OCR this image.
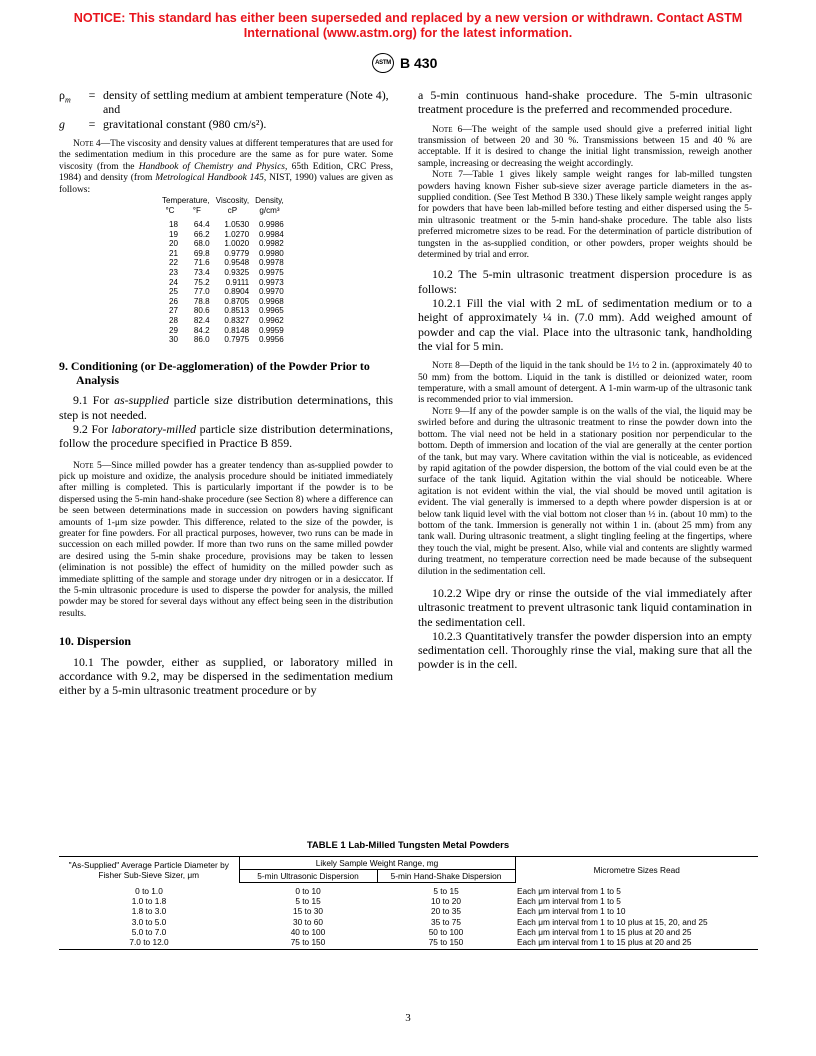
NOTICE: This standard has either been superseded and replaced by a new version or withdrawn. Contact ASTM
International (www.astm.org) for the latest information.
ASTM B 430
$\rho_m$	= density of settling medium at ambient temperature (Note 4), and
g	= gravitational constant (980 cm/s²).

Note 4—The viscosity and density values at different temperatures that are used for the sedimentation medium in this procedure are the same as for pure water. Some viscosity (from the Handbook of Chemistry and Physics, 65th Edition, CRC Press, 1984) and density (from Metrological Handbook 145, NIST, 1990) values are given as follows:

Temperature,		Viscosity,	Density,
°C	°F	cP	g/cm³

18	64.4	1.0530	0.9986
19	66.2	1.0270	0.9984
20	68.0	1.0020	0.9982
21	69.8	0.9779	0.9980
22	71.6	0.9548	0.9978
23	73.4	0.9325	0.9975
24	75.2	0.9111	0.9973
25	77.0	0.8904	0.9970
26	78.8	0.8705	0.9968
27	80.6	0.8513	0.9965
28	82.4	0.8327	0.9962
29	84.2	0.8148	0.9959
30	86.0	0.7975	0.9956
9. Conditioning (or De-agglomeration) of the Powder Prior to Analysis

9.1 For as-supplied particle size distribution determinations, this step is not needed.

9.2 For laboratory-milled particle size distribution determinations, follow the procedure specified in Practice B 859.

Note 5—Since milled powder has a greater tendency than as-supplied powder to pick up moisture and oxidize, the analysis procedure should be initiated immediately after milling is completed. This is particularly important if the powder is to be dispersed using the 5-min hand-shake procedure (see Section 8) where a difference can be seen between determinations made in succession on powders having significant amounts of 1-μm size powder. This difference, related to the size of the powder, is greater for fine powders. For all practical purposes, however, two runs can be made in succession on each milled powder. If more than two runs on the same milled powder are desired using the 5-min shake procedure, provisions may be taken to lessen (elimination is not possible) the effect of humidity on the milled powder such as immediate splitting of the sample and storage under dry nitrogen or in a desiccator. If the 5-min ultrasonic procedure is used to disperse the powder for analysis, the milled powder may be stored for several days without any effect being seen in the distribution results.

10. Dispersion

10.1 The powder, either as supplied, or laboratory milled in accordance with 9.2, may be dispersed in the sedimentation medium either by a 5-min ultrasonic treatment procedure or by

a 5-min continuous hand-shake procedure. The 5-min ultrasonic treatment procedure is the preferred and recommended procedure.

Note 6—The weight of the sample used should give a preferred initial light transmission of between 20 and 30 %. Transmissions between 15 and 40 % are acceptable. If it is desired to change the initial light transmission, reweigh another sample, increasing or decreasing the weight accordingly.

Note 7—Table 1 gives likely sample weight ranges for lab-milled tungsten powders having known Fisher sub-sieve sizer average particle diameters in the as-supplied condition. (See Test Method B 330.) These likely sample weight ranges apply for powders that have been lab-milled before testing and either dispersed using the 5-min ultrasonic treatment or the 5-min hand-shake procedure. The table also lists preferred micrometre sizes to be read. For the determination of particle distribution of tungsten in the as-supplied condition, or other powders, proper weights should be determined by trial and error.

10.2 The 5-min ultrasonic treatment dispersion procedure is as follows:

10.2.1 Fill the vial with 2 mL of sedimentation medium or to a height of approximately ¼ in. (7.0 mm). Add weighed amount of powder and cap the vial. Place into the ultrasonic tank, handholding the vial for 5 min.

Note 8—Depth of the liquid in the tank should be 1½ to 2 in. (approximately 40 to 50 mm) from the bottom. Liquid in the tank is distilled or deionized water, room temperature, with a small amount of detergent. A 1-min warm-up of the ultrasonic tank is recommended prior to vial immersion.

Note 9—If any of the powder sample is on the walls of the vial, the liquid may be swirled before and during the ultrasonic treatment to rinse the powder down into the bottom. The vial need not be held in a stationary position nor perpendicular to the bottom. Depth of immersion and location of the vial are generally at the center portion of the tank, but may vary. Where cavitation within the vial is noticeable, as evidenced by rapid agitation of the powder dispersion, the bottom of the vial could even be at the surface of the tank liquid. Agitation within the vial should be noticeable. Where agitation is not evident within the vial, the vial should be moved until agitation is evident. The vial generally is immersed to a depth where powder dispersion is at or below tank liquid level with the vial bottom not closer than ½ in. (about 10 mm) to the bottom of the tank. Immersion is generally not within 1 in. (about 25 mm) from any tank wall. During ultrasonic treatment, a slight tingling feeling at the fingertips, where they touch the vial, might be present. Also, while vial and contents are slightly warmed during treatment, no temperature correction need be made because of the subsequent dilution in the sedimentation cell.

10.2.2 Wipe dry or rinse the outside of the vial immediately after ultrasonic treatment to prevent ultrasonic tank liquid contamination in the sedimentation cell.

10.2.3 Quantitatively transfer the powder dispersion into an empty sedimentation cell. Thoroughly rinse the vial, making sure that all the powder is in the cell.

TABLE 1 Lab-Milled Tungsten Metal Powders
"As-Supplied" Average Particle Diameter by Fisher Sub-Sieve Sizer, μm	Likely Sample Weight Range, mg		Micrometre Sizes Read
	5-min Ultrasonic Dispersion	5-min Hand-Shake Dispersion	
0 to 1.0	0 to 10	5 to 15	Each μm interval from 1 to 5
1.0 to 1.8	5 to 15	10 to 20	Each μm interval from 1 to 5
1.8 to 3.0	15 to 30	20 to 35	Each μm interval from 1 to 10
3.0 to 5.0	30 to 60	35 to 75	Each μm interval from 1 to 10 plus at 15, 20, and 25
5.0 to 7.0	40 to 100	50 to 100	Each μm interval from 1 to 15 plus at 20 and 25
7.0 to 12.0	75 to 150	75 to 150	Each μm interval from 1 to 15 plus at 20 and 25
3
